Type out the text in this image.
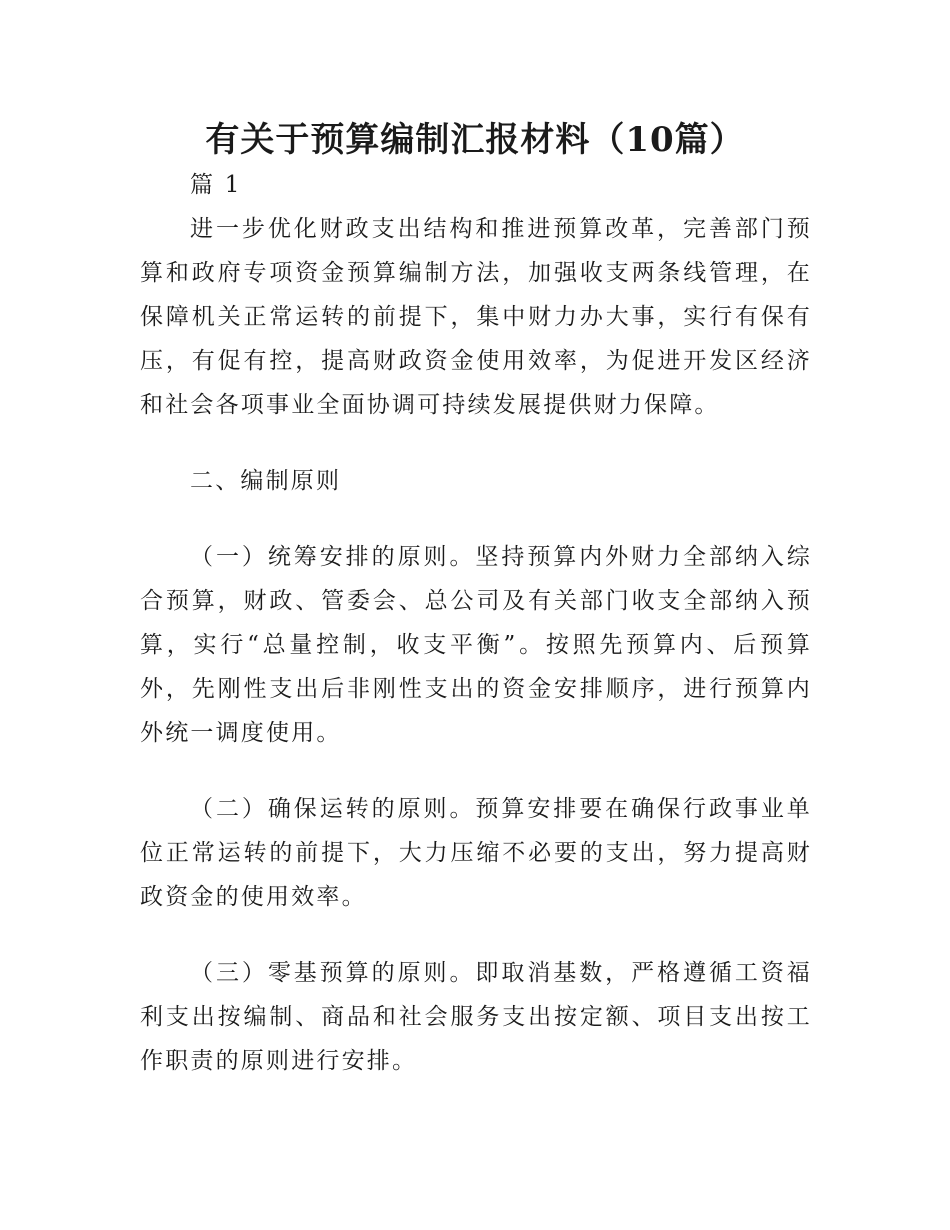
有关于预算编制汇报材料（10篇）

篇 1

进一步优化财政支出结构和推进预算改革，完善部门预算和政府专项资金预算编制方法，加强收支两条线管理，在保障机关正常运转的前提下，集中财力办大事，实行有保有压，有促有控，提高财政资金使用效率，为促进开发区经济和社会各项事业全面协调可持续发展提供财力保障。

二、编制原则

（一）统筹安排的原则。坚持预算内外财力全部纳入综合预算，财政、管委会、总公司及有关部门收支全部纳入预算，实行“总量控制，收支平衡”。按照先预算内、后预算外，先刚性支出后非刚性支出的资金安排顺序，进行预算内外统一调度使用。

（二）确保运转的原则。预算安排要在确保行政事业单位正常运转的前提下，大力压缩不必要的支出，努力提高财政资金的使用效率。

（三）零基预算的原则。即取消基数，严格遵循工资福利支出按编制、商品和社会服务支出按定额、项目支出按工作职责的原则进行安排。
